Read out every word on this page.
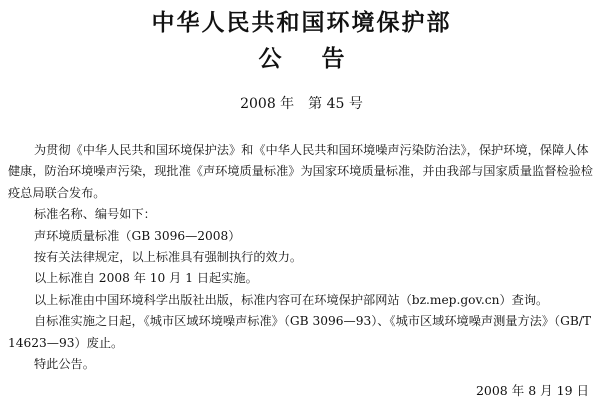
中华人民共和国环境保护部
公告

2008 年　第 45 号

为贯彻《中华人民共和国环境保护法》和《中华人民共和国环境噪声污染防治法》，保护环境，保障人体健康，防治环境噪声污染，现批准《声环境质量标准》为国家环境质量标准，并由我部与国家质量监督检验检疫总局联合发布。

标准名称、编号如下：

声环境质量标准（GB 3096—2008）

按有关法律规定，以上标准具有强制执行的效力。

以上标准自 2008 年 10 月 1 日起实施。

以上标准由中国环境科学出版社出版，标准内容可在环境保护部网站（bz.mep.gov.cn）查询。

自标准实施之日起，《城市区域环境噪声标准》（GB 3096—93）、《城市区域环境噪声测量方法》（GB/T 14623—93）废止。

特此公告。

2008 年 8 月 19 日
